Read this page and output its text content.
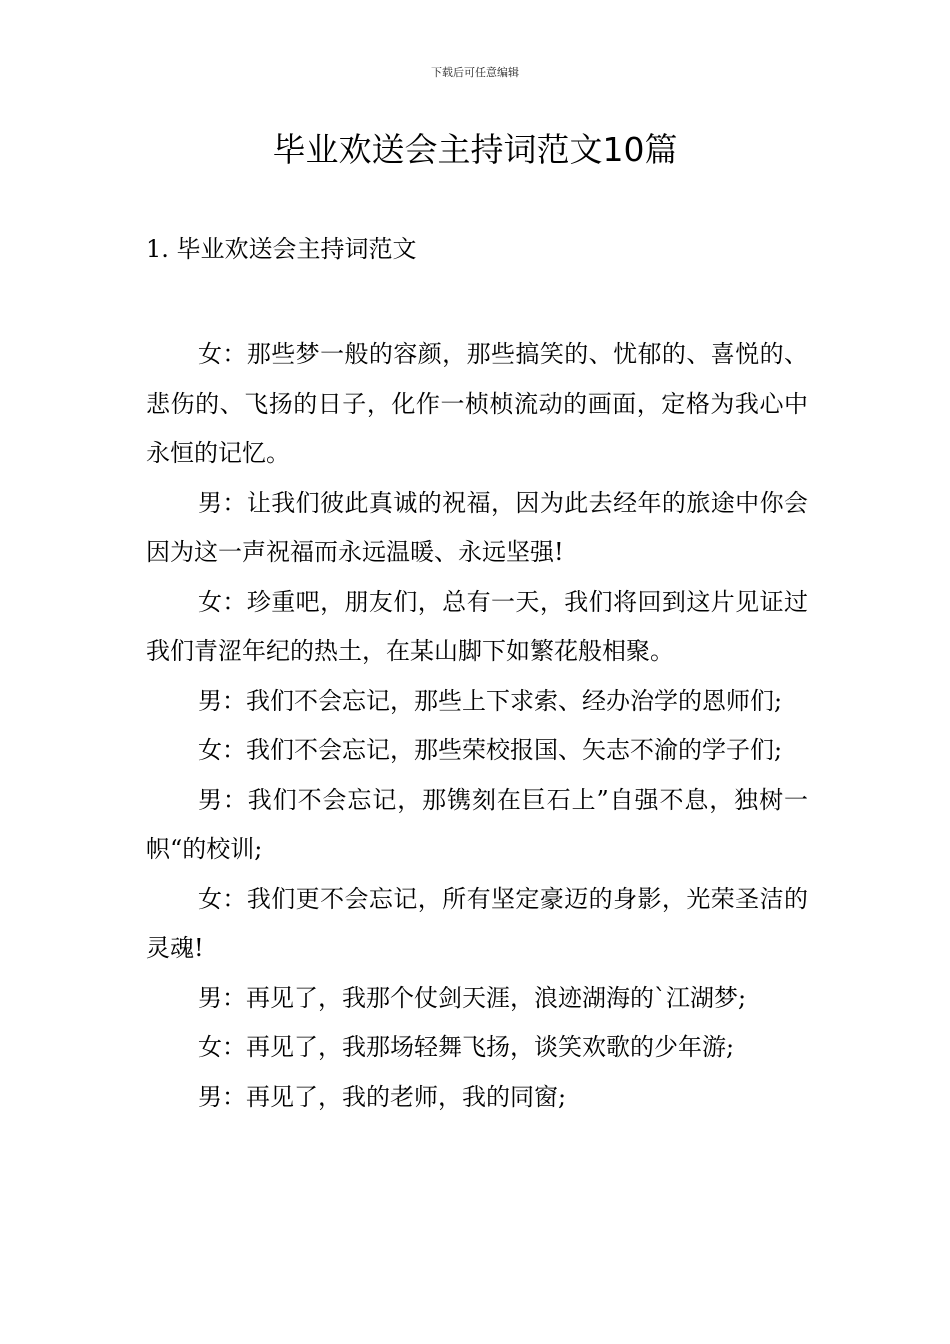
下载后可任意编辑
毕业欢送会主持词范文10篇
1. 毕业欢送会主持词范文

女：那些梦一般的容颜，那些搞笑的、忧郁的、喜悦的、悲伤的、飞扬的日子，化作一桢桢流动的画面，定格为我心中永恒的记忆。

男：让我们彼此真诚的祝福，因为此去经年的旅途中你会因为这一声祝福而永远温暖、永远坚强!

女：珍重吧，朋友们，总有一天，我们将回到这片见证过我们青涩年纪的热土，在某山脚下如繁花般相聚。

男：我们不会忘记，那些上下求索、经办治学的恩师们;

女：我们不会忘记，那些荣校报国、矢志不渝的学子们;

男：我们不会忘记，那镌刻在巨石上”自强不息，独树一帜“的校训;

女：我们更不会忘记，所有坚定豪迈的身影，光荣圣洁的灵魂!

男：再见了，我那个仗剑天涯，浪迹湖海的`江湖梦;

女：再见了，我那场轻舞飞扬，谈笑欢歌的少年游;

男：再见了，我的老师，我的同窗;
